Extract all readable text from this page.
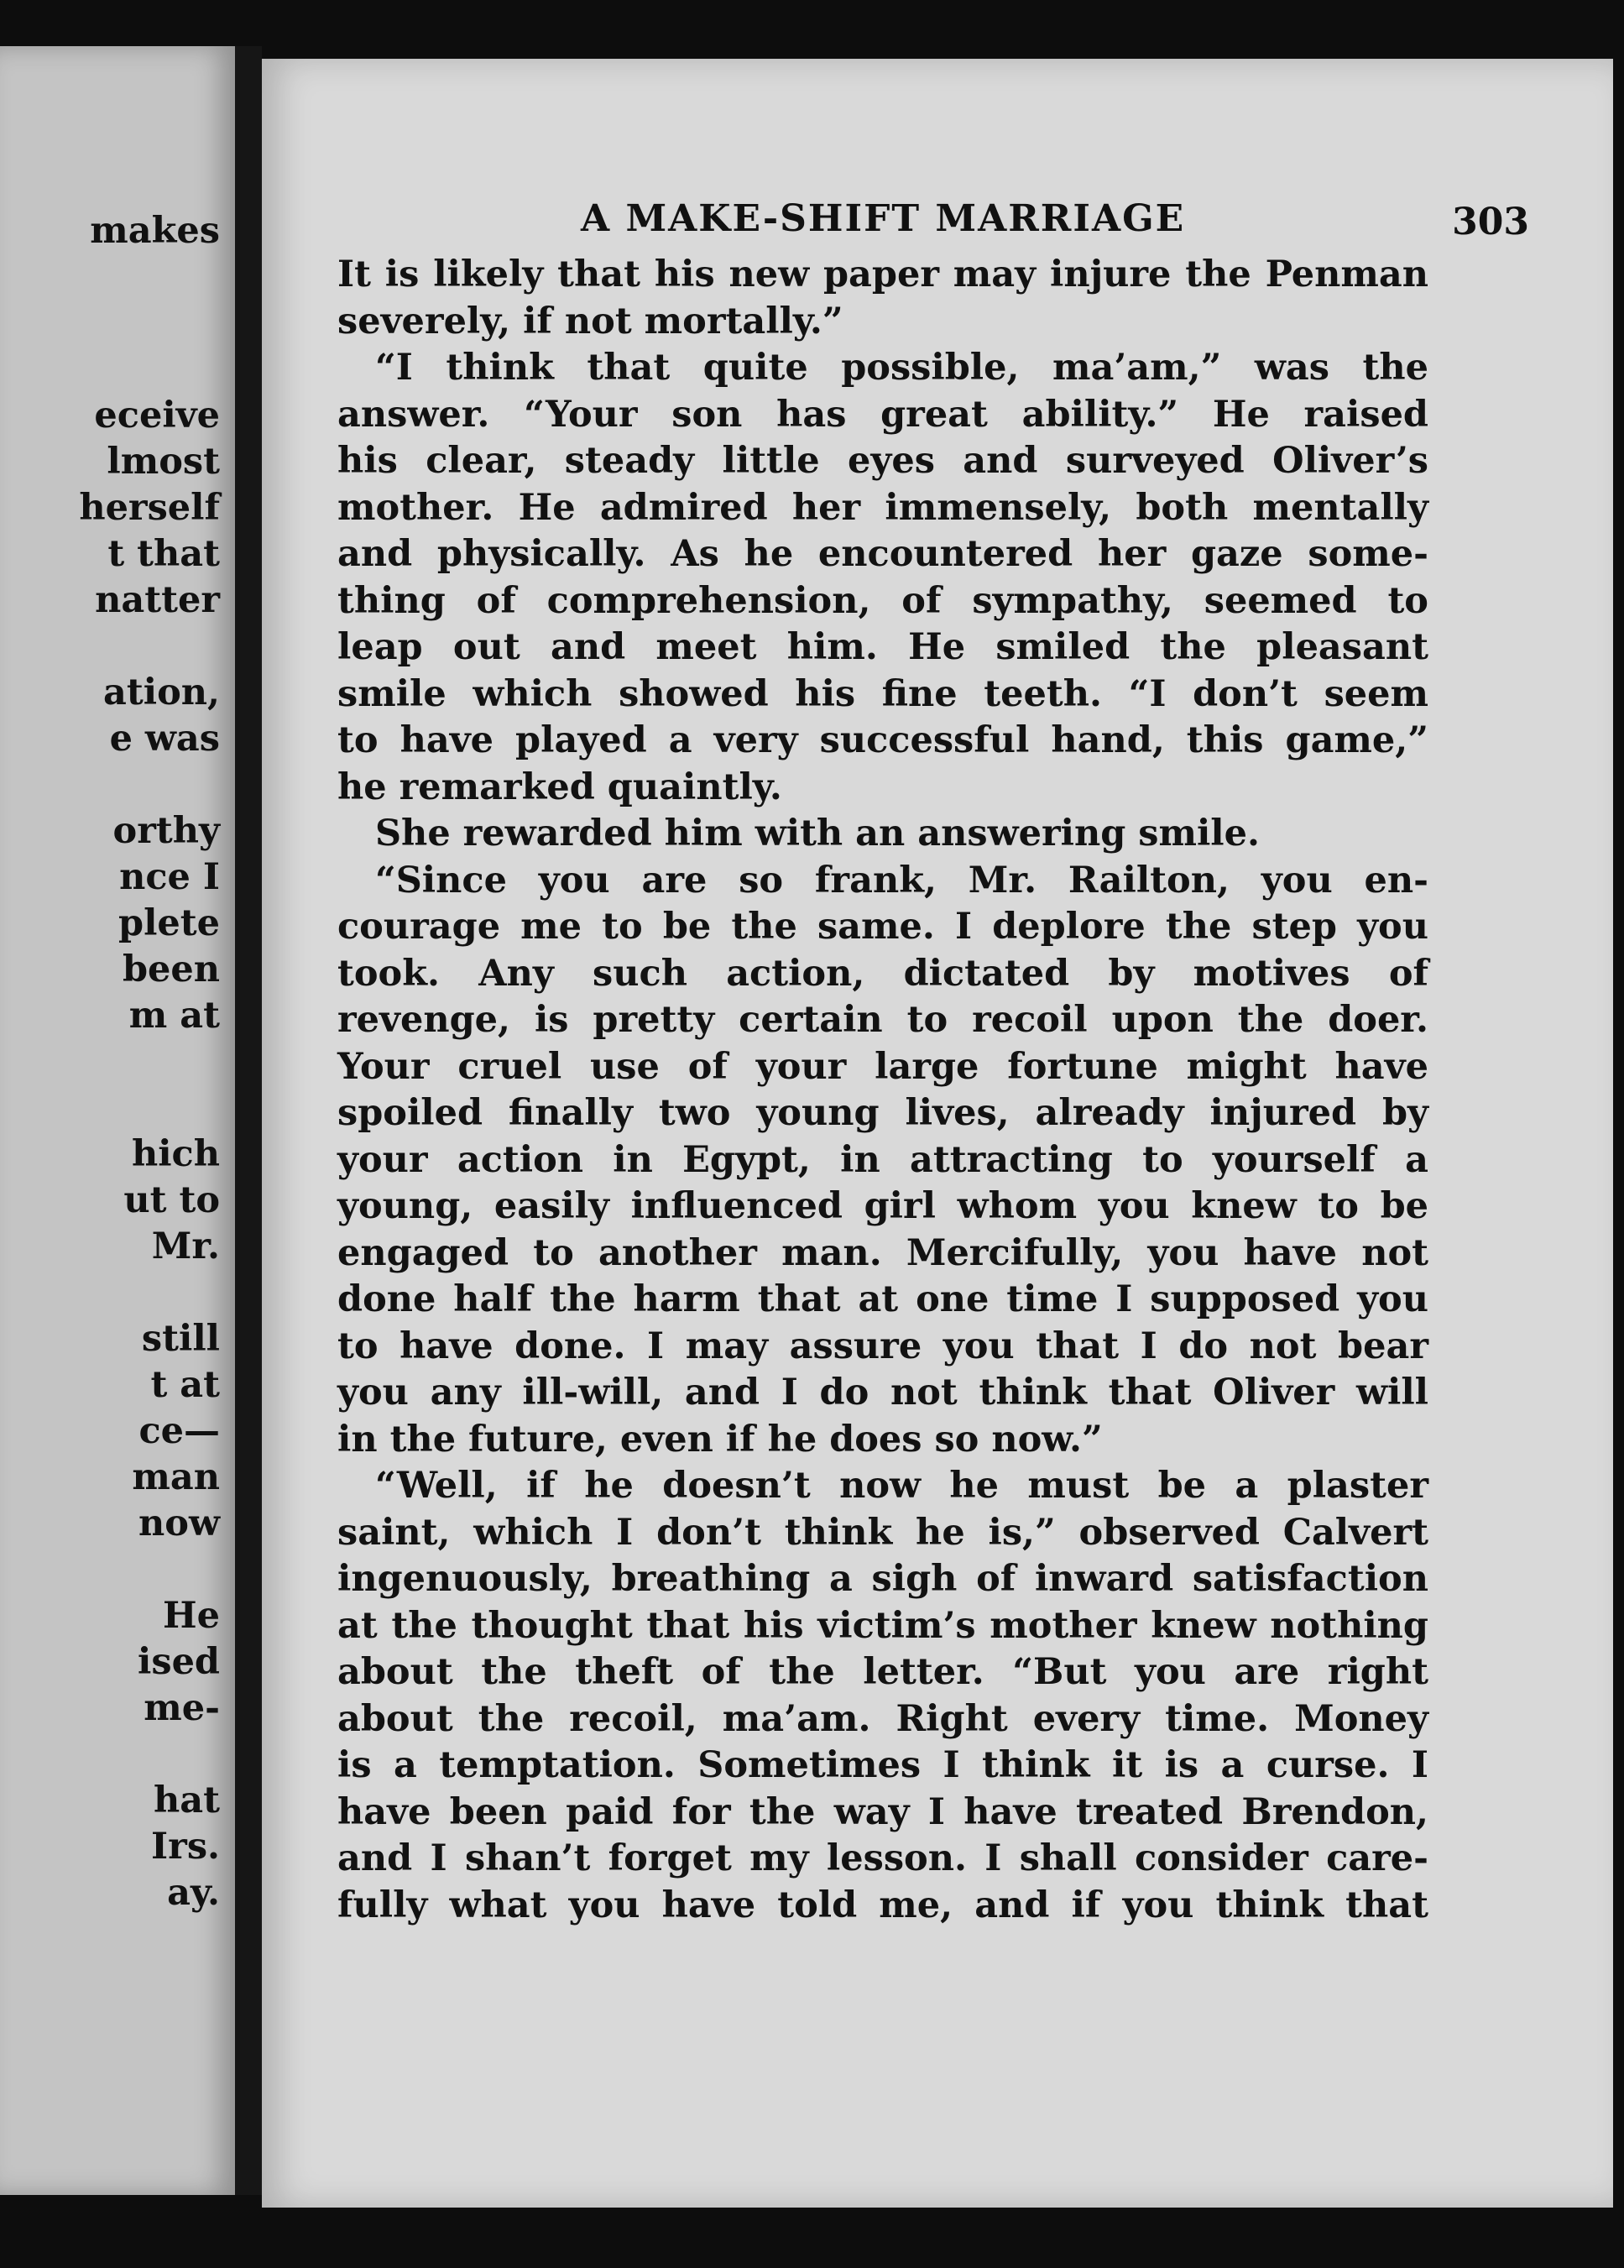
makes
eceive
lmost
herself
t that
natter
ation,
e was
orthy
nce I
plete
been
m at
hich
ut to
Mr.
still
t at
ce—
man
now
He
ised
me-
hat
Irs.
ay.
A MAKE-SHIFT MARRIAGE	303
It is likely that his new paper may injure the Penman
severely, if not mortally.”
“I think that quite possible, ma’am,” was the
answer. “Your son has great ability.” He raised
his clear, steady little eyes and surveyed Oliver’s
mother. He admired her immensely, both mentally
and physically. As he encountered her gaze some-
thing of comprehension, of sympathy, seemed to
leap out and meet him. He smiled the pleasant
smile which showed his fine teeth. “I don’t seem
to have played a very successful hand, this game,”
he remarked quaintly.
She rewarded him with an answering smile.
“Since you are so frank, Mr. Railton, you en-
courage me to be the same. I deplore the step you
took. Any such action, dictated by motives of
revenge, is pretty certain to recoil upon the doer.
Your cruel use of your large fortune might have
spoiled finally two young lives, already injured by
your action in Egypt, in attracting to yourself a
young, easily influenced girl whom you knew to be
engaged to another man. Mercifully, you have not
done half the harm that at one time I supposed you
to have done. I may assure you that I do not bear
you any ill-will, and I do not think that Oliver will
in the future, even if he does so now.”
“Well, if he doesn’t now he must be a plaster
saint, which I don’t think he is,” observed Calvert
ingenuously, breathing a sigh of inward satisfaction
at the thought that his victim’s mother knew nothing
about the theft of the letter. “But you are right
about the recoil, ma’am. Right every time. Money
is a temptation. Sometimes I think it is a curse. I
have been paid for the way I have treated Brendon,
and I shan’t forget my lesson. I shall consider care-
fully what you have told me, and if you think that
